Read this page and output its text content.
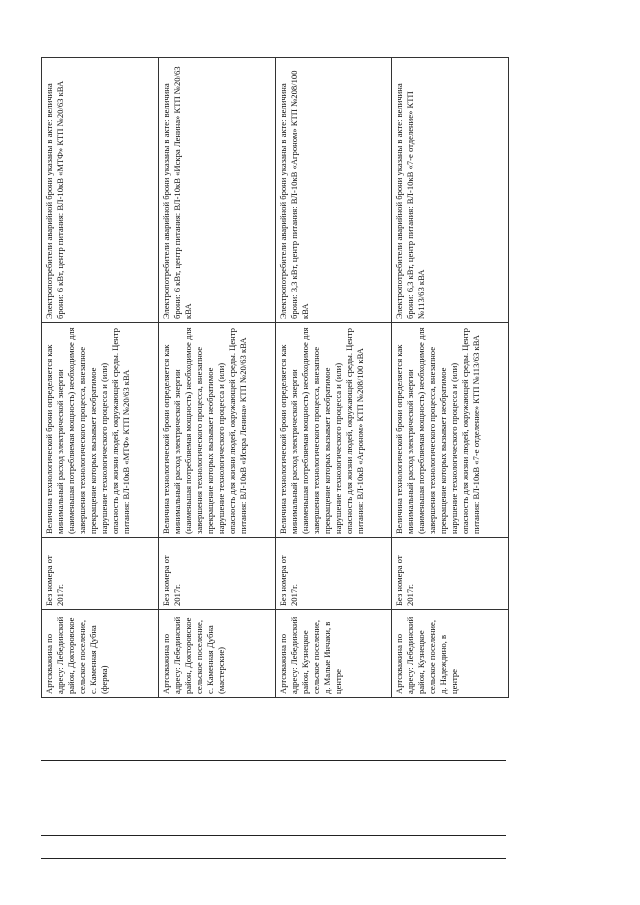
Артскважина по адресу: Лебединский район, Докторовское сельское поселение, с. Каменная Дубна (ферма)	Без номера от 2017г.	Величина технологической брони определяется как минимальный расход электрической энергии (наименьшая потребляемая мощность) необходимое для завершения технологического процесса, внезапное прекращение которых вызывает необратимое нарушение технологического процесса и (или) опасность для жизни людей, окружающей среды. Центр питания: ВЛ-10кВ «МТФ» КТП №20/63 кВА	Электропотребители аварийной брони указаны в акте: величина брони: 6 кВт, центр питания: ВЛ-10кВ «МТФ» КТП №20/63 кВА
Артскважина по адресу: Лебединский район, Докторовское сельское поселение, с. Каменная Дубна (мастерские)	Без номера от 2017г.	Величина технологической брони определяется как минимальный расход электрической энергии (наименьшая потребляемая мощность) необходимое для завершения технологического процесса, внезапное прекращение которых вызывает необратимое нарушение технологического процесса и (или) опасность для жизни людей, окружающей среды. Центр питания: ВЛ-10кВ «Искра Ленина» КТП №20/63 кВА	Электропотребители аварийной брони указаны в акте: величина брони: 6 кВт, центр питания: ВЛ-10кВ «Искра Ленина» КТП №20/63 кВА
Артскважина по адресу: Лебединский район, Кузнецкое сельское поселение, д. Малые Инчаки, в центре	Без номера от 2017г.	Величина технологической брони определяется как минимальный расход электрической энергии (наименьшая потребляемая мощность) необходимое для завершения технологического процесса, внезапное прекращение которых вызывает необратимое нарушение технологического процесса и (или) опасность для жизни людей, окружающей среды. Центр питания: ВЛ-10кВ «Агроном» КТП №208/100 кВА	Электропотребители аварийной брони указаны в акте: величина брони: 3,3 кВт, центр питания: ВЛ-10кВ «Агроном» КТП №208/100 кВА
Артскважина по адресу: Лебединский район, Кузнецкое сельское поселение, д. Надеждино, в центре	Без номера от 2017г.	Величина технологической брони определяется как минимальный расход электрической энергии (наименьшая потребляемая мощность) необходимое для завершения технологического процесса, внезапное прекращение которых вызывает необратимое нарушение технологического процесса и (или) опасность для жизни людей, окружающей среды. Центр питания: ВЛ-10кВ «7-е отделение» КТП №113/63 кВА	Электропотребители аварийной брони указаны в акте: величина брони: 6,3 кВт, центр питания: ВЛ-10кВ «7-е отделение» КТП №113/63 кВА
